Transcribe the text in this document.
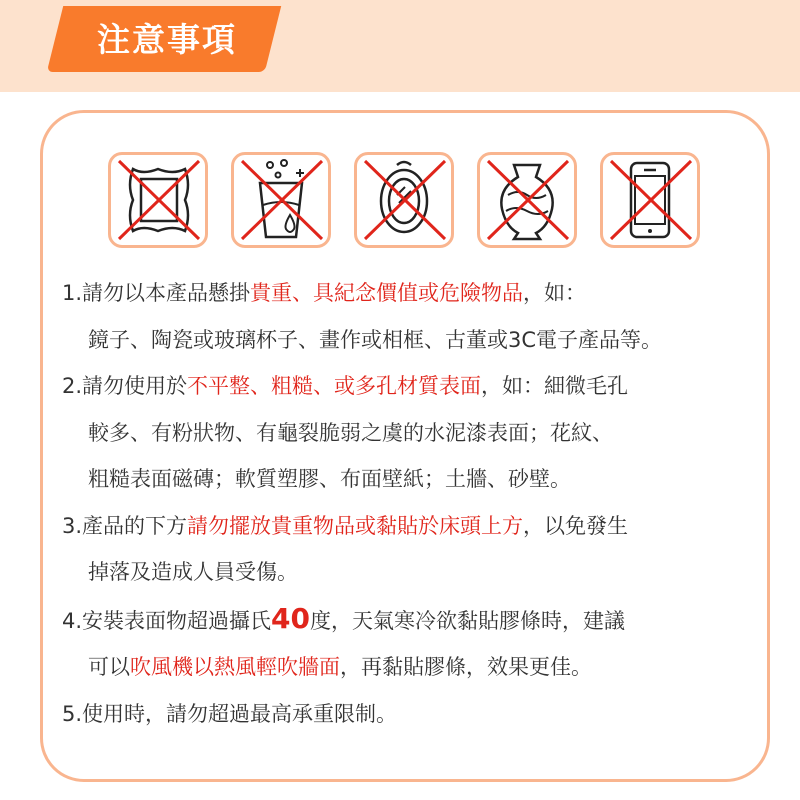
注意事項
1.請勿以本產品懸掛貴重、具紀念價值或危險物品，如：
鏡子、陶瓷或玻璃杯子、畫作或相框、古董或3C電子產品等。
2.請勿使用於不平整、粗糙、或多孔材質表面，如：細微毛孔
較多、有粉狀物、有龜裂脆弱之虞的水泥漆表面；花紋、
粗糙表面磁磚；軟質塑膠、布面壁紙；土牆、砂壁。
3.產品的下方請勿擺放貴重物品或黏貼於床頭上方，以免發生
掉落及造成人員受傷。
4.安裝表面物超過攝氏40度，天氣寒冷欲黏貼膠條時，建議
可以吹風機以熱風輕吹牆面，再黏貼膠條，效果更佳。
5.使用時，請勿超過最高承重限制。
